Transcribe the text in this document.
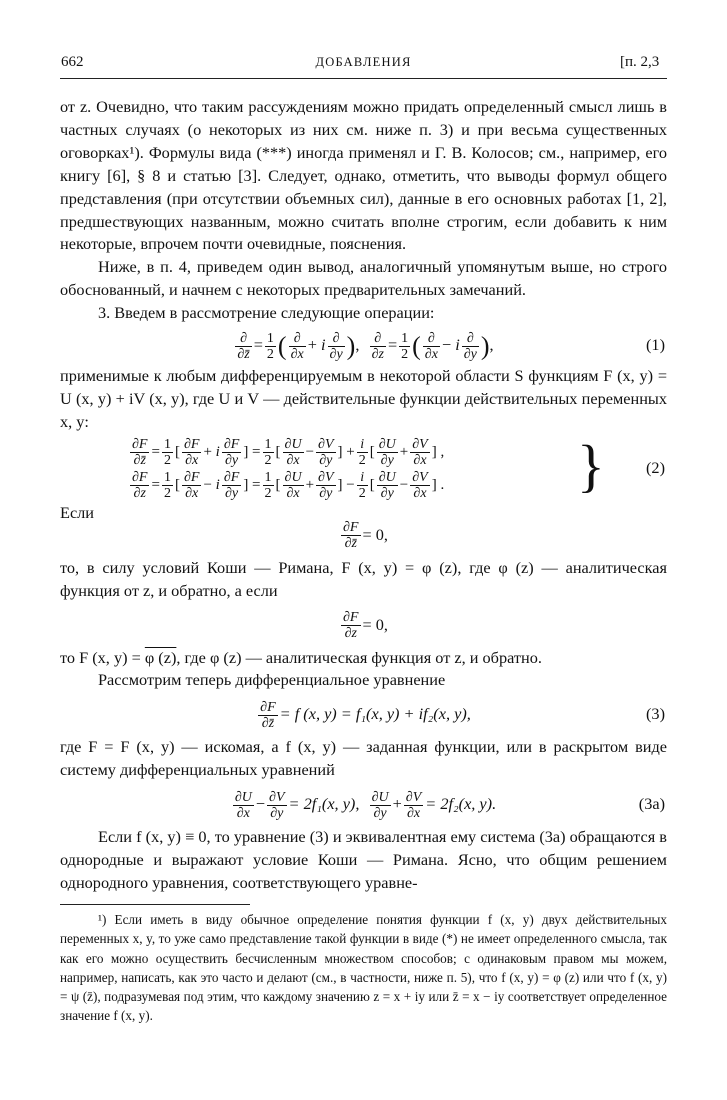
662	ДОБАВЛЕНИЯ	[п. 2,3

от z. Очевидно, что таким рассуждениям можно придать определенный смысл лишь в частных случаях (о некоторых из них см. ниже п. 3) и при весьма существенных оговорках¹). Формулы вида (***) иногда применял и Г. В. Колосов; см., например, его книгу [6], § 8 и статью [3]. Следует, однако, отметить, что выводы формул общего представления (при отсутствии объемных сил), данные в его основных работах [1, 2], предшествующих названным, можно считать вполне строгим, если добавить к ним некоторые, впрочем почти очевидные, пояснения.

Ниже, в п. 4, приведем один вывод, аналогичный упомянутым выше, но строго обоснованный, и начнем с некоторых предварительных замечаний.

3. Введем в рассмотрение следующие операции:

$\frac{\partial}{\partial z̄} = \frac{1}{2}$ ( $\frac{\partial}{\partial x} + i \frac{\partial}{\partial y}$ ), $\frac{\partial}{\partial z} = \frac{1}{2}$ ( $\frac{\partial}{\partial x} - i \frac{\partial}{\partial y}$ ),	(1)

применимые к любым дифференцируемым в некоторой области S функциям F (x, y) = U (x, y) + iV (x, y), где U и V — действительные функции действительных переменных x, y:

$\frac{\partial F}{\partial z̄} = \frac{1}{2}$ [ $\frac{\partial F}{\partial x} + i \frac{\partial F}{\partial y}$ ] = $\frac{1}{2}$ [ $\frac{\partial U}{\partial x} - \frac{\partial V}{\partial y}$ ] + $\frac{i}{2}$ [ $\frac{\partial U}{\partial y} + \frac{\partial V}{\partial x}$ ] ,
$\frac{\partial F}{\partial z} = \frac{1}{2}$ [ $\frac{\partial F}{\partial x} - i \frac{\partial F}{\partial y}$ ] = $\frac{1}{2}$ [ $\frac{\partial U}{\partial x} + \frac{\partial V}{\partial y}$ ] − $\frac{i}{2}$ [ $\frac{\partial U}{\partial y} - \frac{\partial V}{\partial x}$ ] . }	(2)

Если

$\frac{\partial F}{\partial z̄} = 0$,

то, в силу условий Коши — Римана, F (x, y) = φ (z), где φ (z) — аналитическая функция от z, и обратно, а если

$\frac{\partial F}{\partial z} = 0$,

то F (x, y) = φ (z), где φ (z) — аналитическая функция от z, и обратно.

Рассмотрим теперь дифференциальное уравнение

$\frac{\partial F}{\partial z̄} = f$ (x, y) = f₁(x, y) + if₂(x, y),	(3)

где F = F (x, y) — искомая, а f (x, y) — заданная функции, или в раскрытом виде систему дифференциальных уравнений

$\frac{\partial U}{\partial x} - \frac{\partial V}{\partial y} = 2f_1(x$, y), $\frac{\partial U}{\partial y} + \frac{\partial V}{\partial x} = 2f_2(x$, y).	(3а)

Если f (x, y) ≡ 0, то уравнение (3) и эквивалентная ему система (3а) обращаются в однородные и выражают условие Коши — Римана. Ясно, что общим решением однородного уравнения, соответствующего уравне-

¹) Если иметь в виду обычное определение понятия функции f (x, y) двух действительных переменных x, y, то уже само представление такой функции в виде (*) не имеет определенного смысла, так как его можно осуществить бесчисленным множеством способов; с одинаковым правом мы можем, например, написать, как это часто и делают (см., в частности, ниже п. 5), что f (x, y) = φ (z) или что f (x, y) = ψ (z̄), подразумевая под этим, что каждому значению z = x + iy или z̄ = x − iy соответствует определенное значение f (x, y).
